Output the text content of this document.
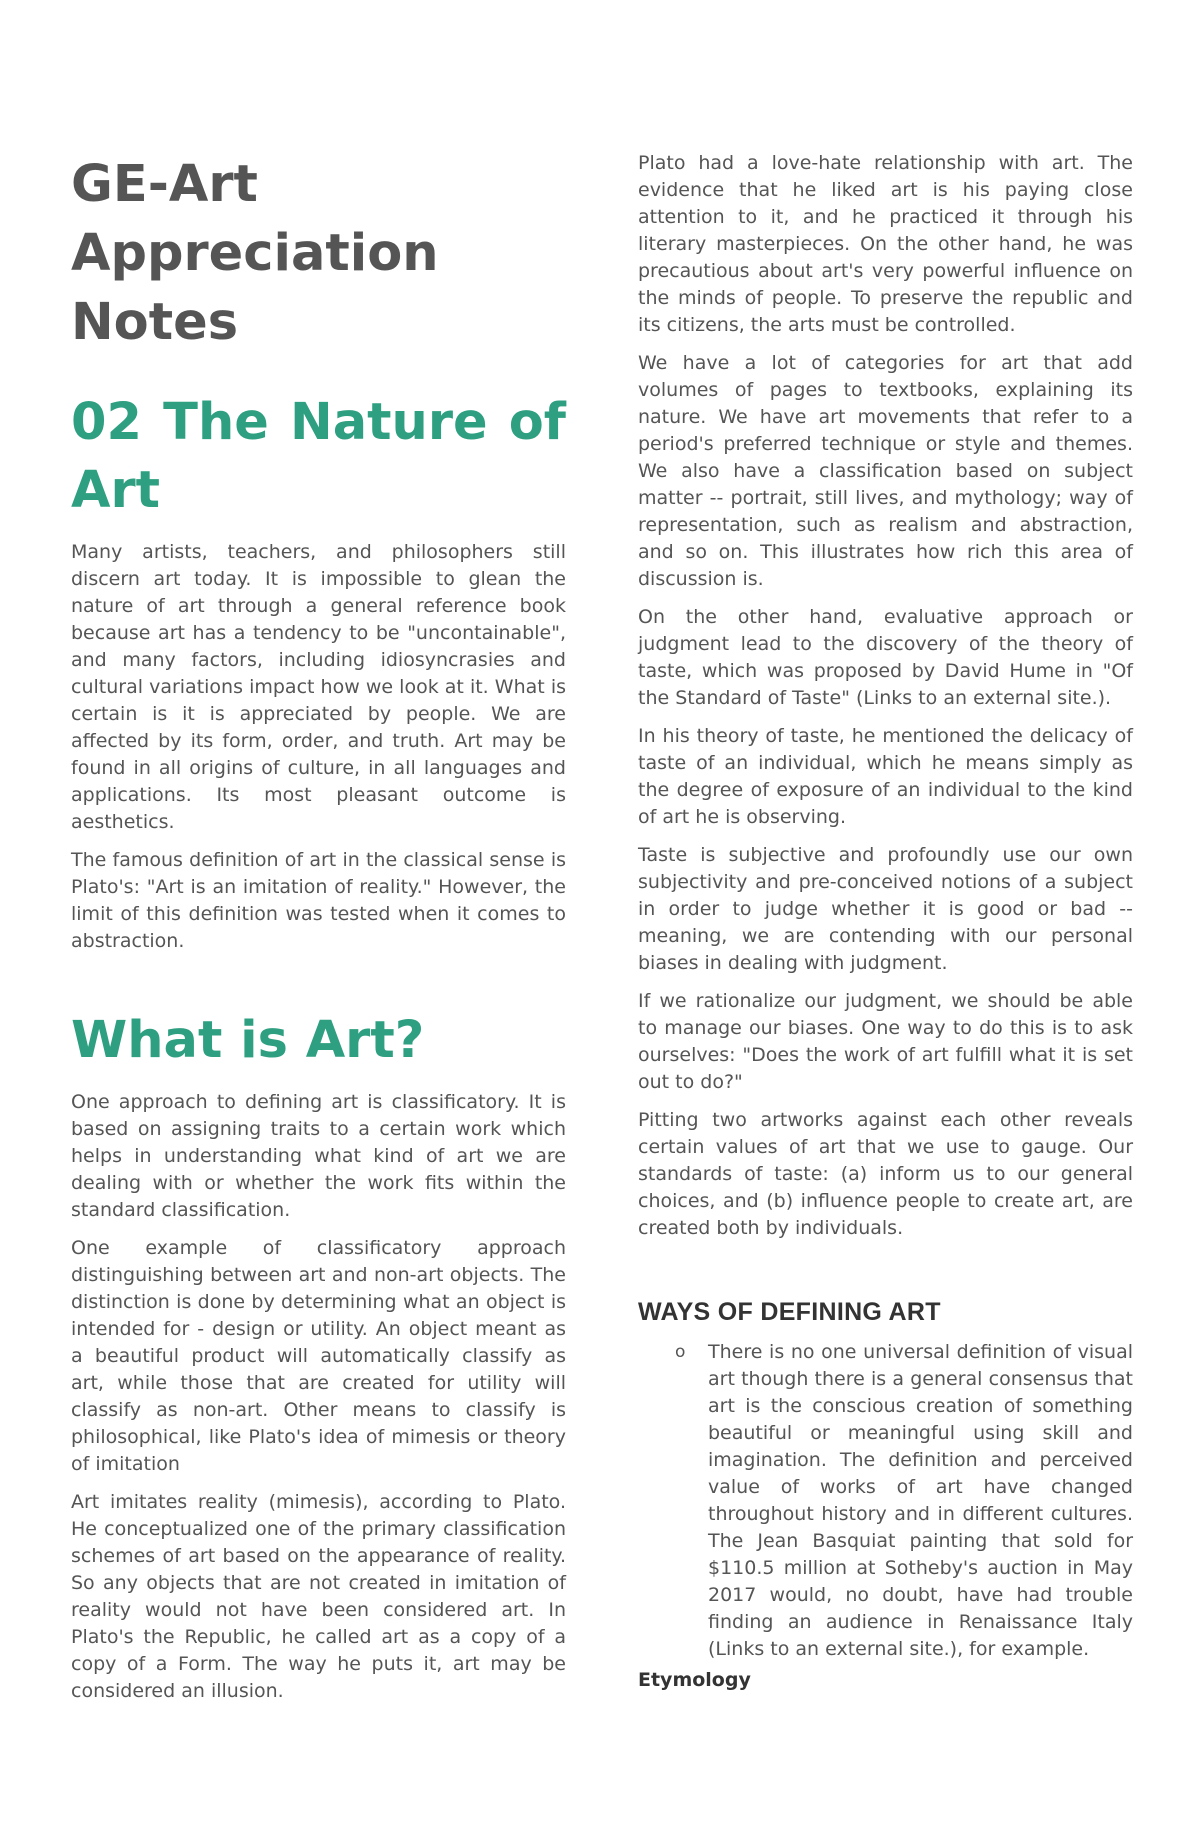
GE-Art
Appreciation
Notes
02 The Nature of Art

Many artists, teachers, and philosophers still discern art today. It is impossible to glean the nature of art through a general reference book because art has a tendency to be "uncontainable", and many factors, including idiosyncrasies and cultural variations impact how we look at it. What is certain is it is appreciated by people. We are affected by its form, order, and truth. Art may be found in all origins of culture, in all languages and applications. Its most pleasant outcome is aesthetics.

The famous definition of art in the classical sense is Plato's: "Art is an imitation of reality." However, the limit of this definition was tested when it comes to abstraction.

What is Art?

One approach to defining art is classificatory. It is based on assigning traits to a certain work which helps in understanding what kind of art we are dealing with or whether the work fits within the standard classification.

One example of classificatory approach distinguishing between art and non-art objects. The distinction is done by determining what an object is intended for - design or utility. An object meant as a beautiful product will automatically classify as art, while those that are created for utility will classify as non-art. Other means to classify is philosophical, like Plato's idea of mimesis or theory of imitation

Art imitates reality (mimesis), according to Plato. He conceptualized one of the primary classification schemes of art based on the appearance of reality. So any objects that are not created in imitation of reality would not have been considered art. In Plato's the Republic, he called art as a copy of a copy of a Form. The way he puts it, art may be considered an illusion.

Plato had a love-hate relationship with art. The evidence that he liked art is his paying close attention to it, and he practiced it through his literary masterpieces. On the other hand, he was precautious about art's very powerful influence on the minds of people. To preserve the republic and its citizens, the arts must be controlled.

We have a lot of categories for art that add volumes of pages to textbooks, explaining its nature. We have art movements that refer to a period's preferred technique or style and themes. We also have a classification based on subject matter -- portrait, still lives, and mythology; way of representation, such as realism and abstraction, and so on. This illustrates how rich this area of discussion is.

On the other hand, evaluative approach or judgment lead to the discovery of the theory of taste, which was proposed by David Hume in "Of the Standard of Taste" (Links to an external site.).

In his theory of taste, he mentioned the delicacy of taste of an individual, which he means simply as the degree of exposure of an individual to the kind of art he is observing.

Taste is subjective and profoundly use our own subjectivity and pre-conceived notions of a subject in order to judge whether it is good or bad -- meaning, we are contending with our personal biases in dealing with judgment.

If we rationalize our judgment, we should be able to manage our biases. One way to do this is to ask ourselves: "Does the work of art fulfill what it is set out to do?"

Pitting two artworks against each other reveals certain values of art that we use to gauge. Our standards of taste: (a) inform us to our general choices, and (b) influence people to create art, are created both by individuals.

WAYS OF DEFINING ART
o There is no one universal definition of visual art though there is a general consensus that art is the conscious creation of something beautiful or meaningful using skill and imagination. The definition and perceived value of works of art have changed throughout history and in different cultures. The Jean Basquiat painting that sold for $110.5 million at Sotheby's auction in May 2017 would, no doubt, have had trouble finding an audience in Renaissance Italy (Links to an external site.), for example.

Etymology
